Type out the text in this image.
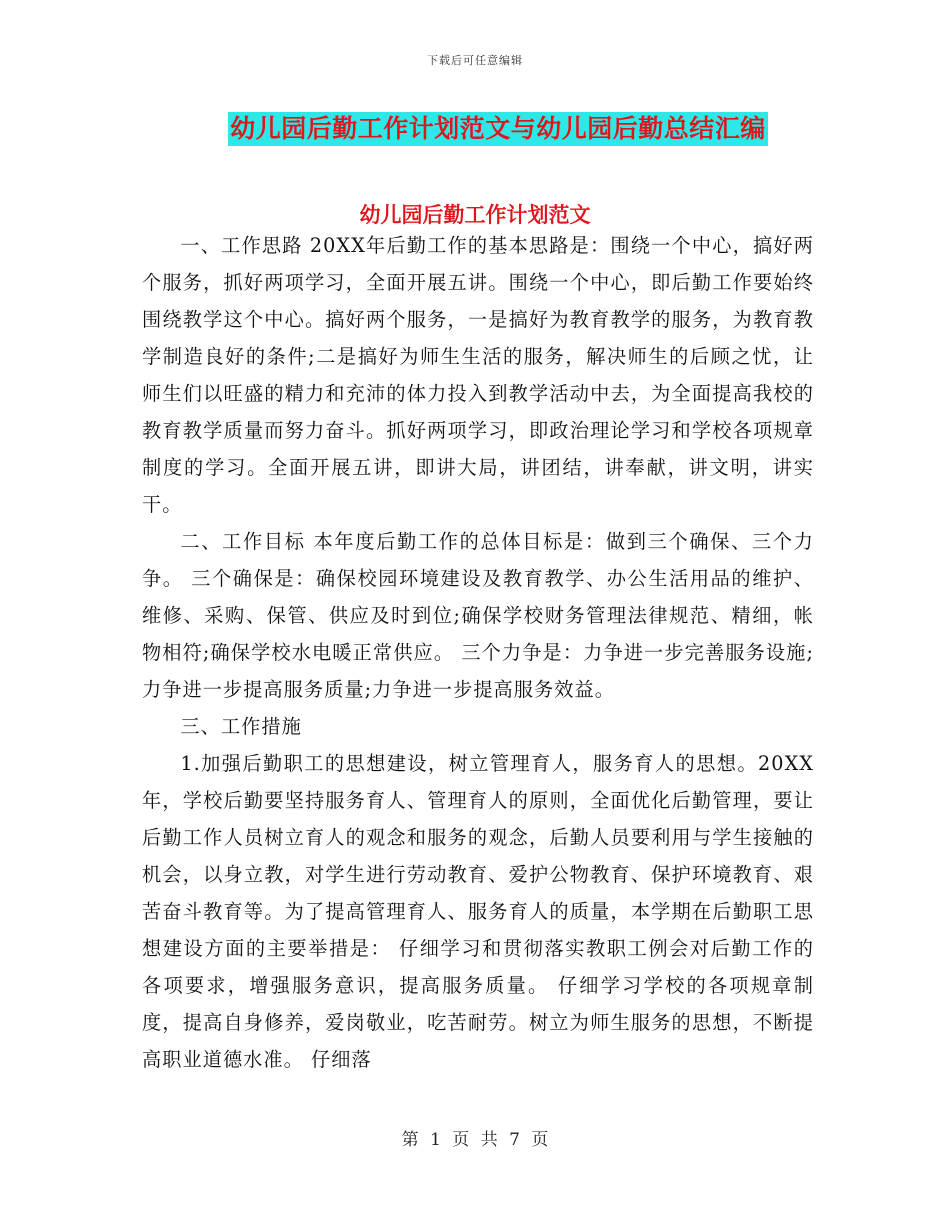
下载后可任意编辑
幼儿园后勤工作计划范文与幼儿园后勤总结汇编
幼儿园后勤工作计划范文

一、工作思路 20XX年后勤工作的基本思路是：围绕一个中心，搞好两个服务，抓好两项学习，全面开展五讲。围绕一个中心，即后勤工作要始终围绕教学这个中心。搞好两个服务，一是搞好为教育教学的服务，为教育教学制造良好的条件;二是搞好为师生生活的服务，解决师生的后顾之忧，让师生们以旺盛的精力和充沛的体力投入到教学活动中去，为全面提高我校的教育教学质量而努力奋斗。抓好两项学习，即政治理论学习和学校各项规章制度的学习。全面开展五讲，即讲大局，讲团结，讲奉献，讲文明，讲实干。

二、工作目标 本年度后勤工作的总体目标是：做到三个确保、三个力争。 三个确保是：确保校园环境建设及教育教学、办公生活用品的维护、维修、采购、保管、供应及时到位;确保学校财务管理法律规范、精细，帐物相符;确保学校水电暖正常供应。 三个力争是：力争进一步完善服务设施;力争进一步提高服务质量;力争进一步提高服务效益。

三、工作措施

1.加强后勤职工的思想建设，树立管理育人，服务育人的思想。20XX年，学校后勤要坚持服务育人、管理育人的原则，全面优化后勤管理，要让后勤工作人员树立育人的观念和服务的观念，后勤人员要利用与学生接触的机会，以身立教，对学生进行劳动教育、爱护公物教育、保护环境教育、艰苦奋斗教育等。为了提高管理育人、服务育人的质量，本学期在后勤职工思想建设方面的主要举措是： 仔细学习和贯彻落实教职工例会对后勤工作的各项要求，增强服务意识，提高服务质量。 仔细学习学校的各项规章制度，提高自身修养，爱岗敬业，吃苦耐劳。树立为师生服务的思想，不断提高职业道德水准。 仔细落

第 1 页 共 7 页
